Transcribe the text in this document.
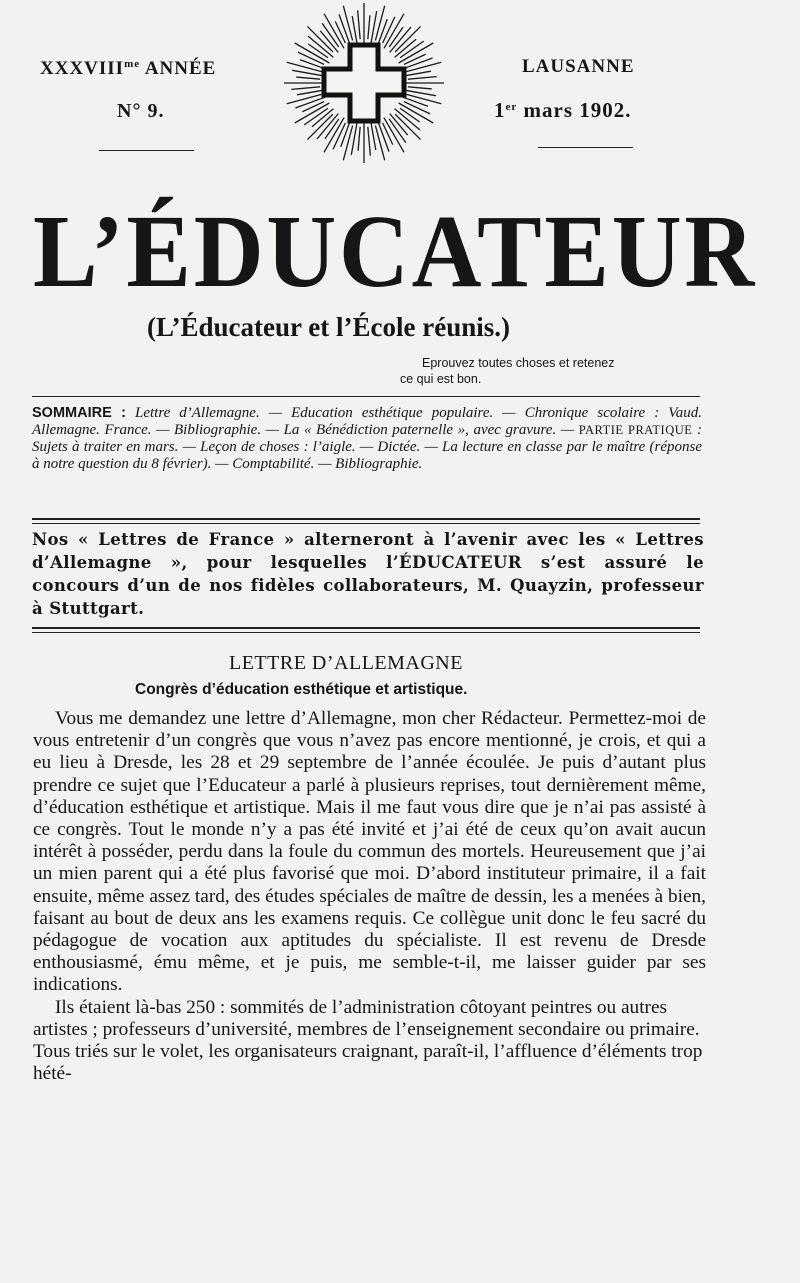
$XXXVIII^{me}$ ANNÉE
N° 9.
LAUSANNE
1er mars 1902.
L’ÉDUCATEUR
(L’Éducateur et l’École réunis.)
Eprouvez toutes choses et retenez
ce qui est bon.
SOMMAIRE : Lettre d’Allemagne. — Education esthétique populaire. — Chronique scolaire : Vaud. Allemagne. France. — Bibliographie. — La « Bénédiction paternelle », avec gravure. — PARTIE PRATIQUE : Sujets à traiter en mars. — Leçon de choses : l’aigle. — Dictée. — La lecture en classe par le maître (réponse à notre question du 8 février). — Comptabilité. — Bibliographie.
Nos « Lettres de France » alterneront à l’avenir avec les « Lettres d’Allemagne », pour lesquelles l’ÉDUCATEUR s’est assuré le concours d’un de nos fidèles collaborateurs, M. Quayzin, professeur à Stuttgart.
LETTRE D’ALLEMAGNE
Congrès d’éducation esthétique et artistique.

Vous me demandez une lettre d’Allemagne, mon cher Rédacteur. Permettez-moi de vous entretenir d’un congrès que vous n’avez pas encore mentionné, je crois, et qui a eu lieu à Dresde, les 28 et 29 septembre de l’année écoulée. Je puis d’autant plus prendre ce sujet que l’Educateur a parlé à plusieurs reprises, tout dernièrement même, d’éducation esthétique et artistique. Mais il me faut vous dire que je n’ai pas assisté à ce congrès. Tout le monde n’y a pas été invité et j’ai été de ceux qu’on avait aucun intérêt à posséder, perdu dans la foule du commun des mortels. Heureusement que j’ai un mien parent qui a été plus favorisé que moi. D’abord instituteur primaire, il a fait ensuite, même assez tard, des études spéciales de maître de dessin, les a menées à bien, faisant au bout de deux ans les examens requis. Ce collègue unit donc le feu sacré du pédagogue de vocation aux aptitudes du spécialiste. Il est revenu de Dresde enthousiasmé, ému même, et je puis, me semble-t-il, me laisser guider par ses indications.

Ils étaient là-bas 250 : sommités de l’administration côtoyant peintres ou autres artistes ; professeurs d’université, membres de l’enseignement secondaire ou primaire. Tous triés sur le volet, les organisateurs craignant, paraît-il, l’affluence d’éléments trop hété-
